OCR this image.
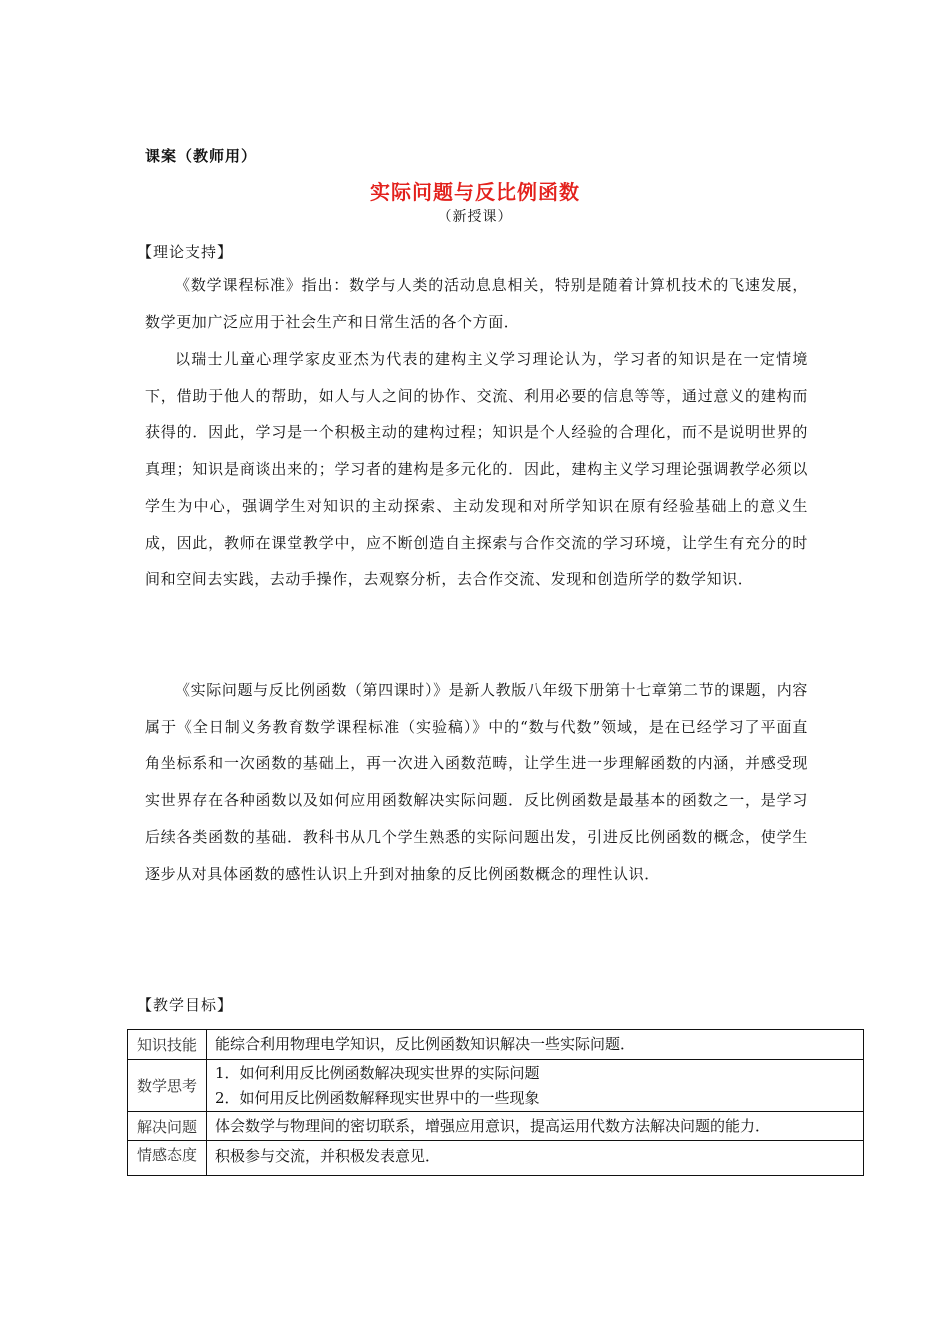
课案（教师用）
实际问题与反比例函数
（新授课）
【理论支持】

《数学课程标准》指出：数学与人类的活动息息相关，特别是随着计算机技术的飞速发展，数学更加广泛应用于社会生产和日常生活的各个方面．

以瑞士儿童心理学家皮亚杰为代表的建构主义学习理论认为，学习者的知识是在一定情境下，借助于他人的帮助，如人与人之间的协作、交流、利用必要的信息等等，通过意义的建构而获得的．因此，学习是一个积极主动的建构过程；知识是个人经验的合理化，而不是说明世界的真理；知识是商谈出来的；学习者的建构是多元化的．因此，建构主义学习理论强调教学必须以学生为中心，强调学生对知识的主动探索、主动发现和对所学知识在原有经验基础上的意义生成，因此，教师在课堂教学中，应不断创造自主探索与合作交流的学习环境，让学生有充分的时间和空间去实践，去动手操作，去观察分析，去合作交流、发现和创造所学的数学知识．

《实际问题与反比例函数（第四课时）》是新人教版八年级下册第十七章第二节的课题，内容属于《全日制义务教育数学课程标准（实验稿）》中的“数与代数”领域，是在已经学习了平面直角坐标系和一次函数的基础上，再一次进入函数范畴，让学生进一步理解函数的内涵，并感受现实世界存在各种函数以及如何应用函数解决实际问题．反比例函数是最基本的函数之一，是学习后续各类函数的基础．教科书从几个学生熟悉的实际问题出发，引进反比例函数的概念，使学生逐步从对具体函数的感性认识上升到对抽象的反比例函数概念的理性认识．

【教学目标】
知识技能	能综合利用物理电学知识，反比例函数知识解决一些实际问题．

数学思考	1．如何利用反比例函数解决现实世界的实际问题
2．如何用反比例函数解释现实世界中的一些现象

解决问题	体会数学与物理间的密切联系，增强应用意识，提高运用代数方法解决问题的能力．

情感态度	积极参与交流，并积极发表意见．
